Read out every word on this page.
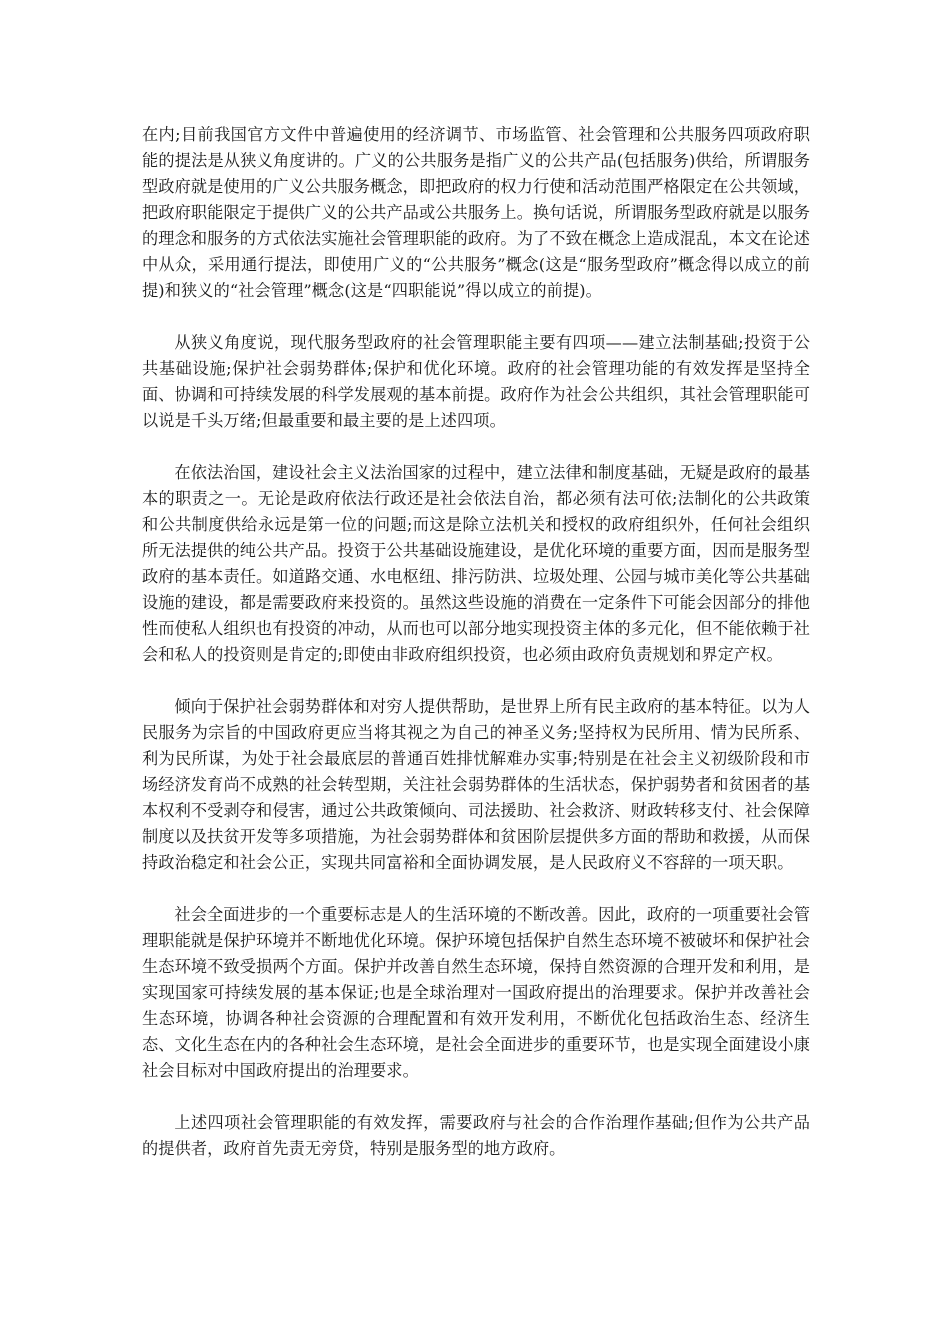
在内;目前我国官方文件中普遍使用的经济调节、市场监管、社会管理和公共服务四项政府职能的提法是从狭义角度讲的。广义的公共服务是指广义的公共产品(包括服务)供给，所谓服务型政府就是使用的广义公共服务概念，即把政府的权力行使和活动范围严格限定在公共领域，把政府职能限定于提供广义的公共产品或公共服务上。换句话说，所谓服务型政府就是以服务的理念和服务的方式依法实施社会管理职能的政府。为了不致在概念上造成混乱，本文在论述中从众，采用通行提法，即使用广义的“公共服务”概念(这是“服务型政府”概念得以成立的前提)和狭义的“社会管理”概念(这是“四职能说”得以成立的前提)。

从狭义角度说，现代服务型政府的社会管理职能主要有四项——建立法制基础;投资于公共基础设施;保护社会弱势群体;保护和优化环境。政府的社会管理功能的有效发挥是坚持全面、协调和可持续发展的科学发展观的基本前提。政府作为社会公共组织，其社会管理职能可以说是千头万绪;但最重要和最主要的是上述四项。

在依法治国，建设社会主义法治国家的过程中，建立法律和制度基础，无疑是政府的最基本的职责之一。无论是政府依法行政还是社会依法自治，都必须有法可依;法制化的公共政策和公共制度供给永远是第一位的问题;而这是除立法机关和授权的政府组织外，任何社会组织所无法提供的纯公共产品。投资于公共基础设施建设，是优化环境的重要方面，因而是服务型政府的基本责任。如道路交通、水电枢纽、排污防洪、垃圾处理、公园与城市美化等公共基础设施的建设，都是需要政府来投资的。虽然这些设施的消费在一定条件下可能会因部分的排他性而使私人组织也有投资的冲动，从而也可以部分地实现投资主体的多元化，但不能依赖于社会和私人的投资则是肯定的;即使由非政府组织投资，也必须由政府负责规划和界定产权。

倾向于保护社会弱势群体和对穷人提供帮助，是世界上所有民主政府的基本特征。以为人民服务为宗旨的中国政府更应当将其视之为自己的神圣义务;坚持权为民所用、情为民所系、利为民所谋，为处于社会最底层的普通百姓排忧解难办实事;特别是在社会主义初级阶段和市场经济发育尚不成熟的社会转型期，关注社会弱势群体的生活状态，保护弱势者和贫困者的基本权利不受剥夺和侵害，通过公共政策倾向、司法援助、社会救济、财政转移支付、社会保障制度以及扶贫开发等多项措施，为社会弱势群体和贫困阶层提供多方面的帮助和救援，从而保持政治稳定和社会公正，实现共同富裕和全面协调发展，是人民政府义不容辞的一项天职。

社会全面进步的一个重要标志是人的生活环境的不断改善。因此，政府的一项重要社会管理职能就是保护环境并不断地优化环境。保护环境包括保护自然生态环境不被破坏和保护社会生态环境不致受损两个方面。保护并改善自然生态环境，保持自然资源的合理开发和利用，是实现国家可持续发展的基本保证;也是全球治理对一国政府提出的治理要求。保护并改善社会生态环境，协调各种社会资源的合理配置和有效开发利用，不断优化包括政治生态、经济生态、文化生态在内的各种社会生态环境，是社会全面进步的重要环节，也是实现全面建设小康社会目标对中国政府提出的治理要求。

上述四项社会管理职能的有效发挥，需要政府与社会的合作治理作基础;但作为公共产品的提供者，政府首先责无旁贷，特别是服务型的地方政府。
